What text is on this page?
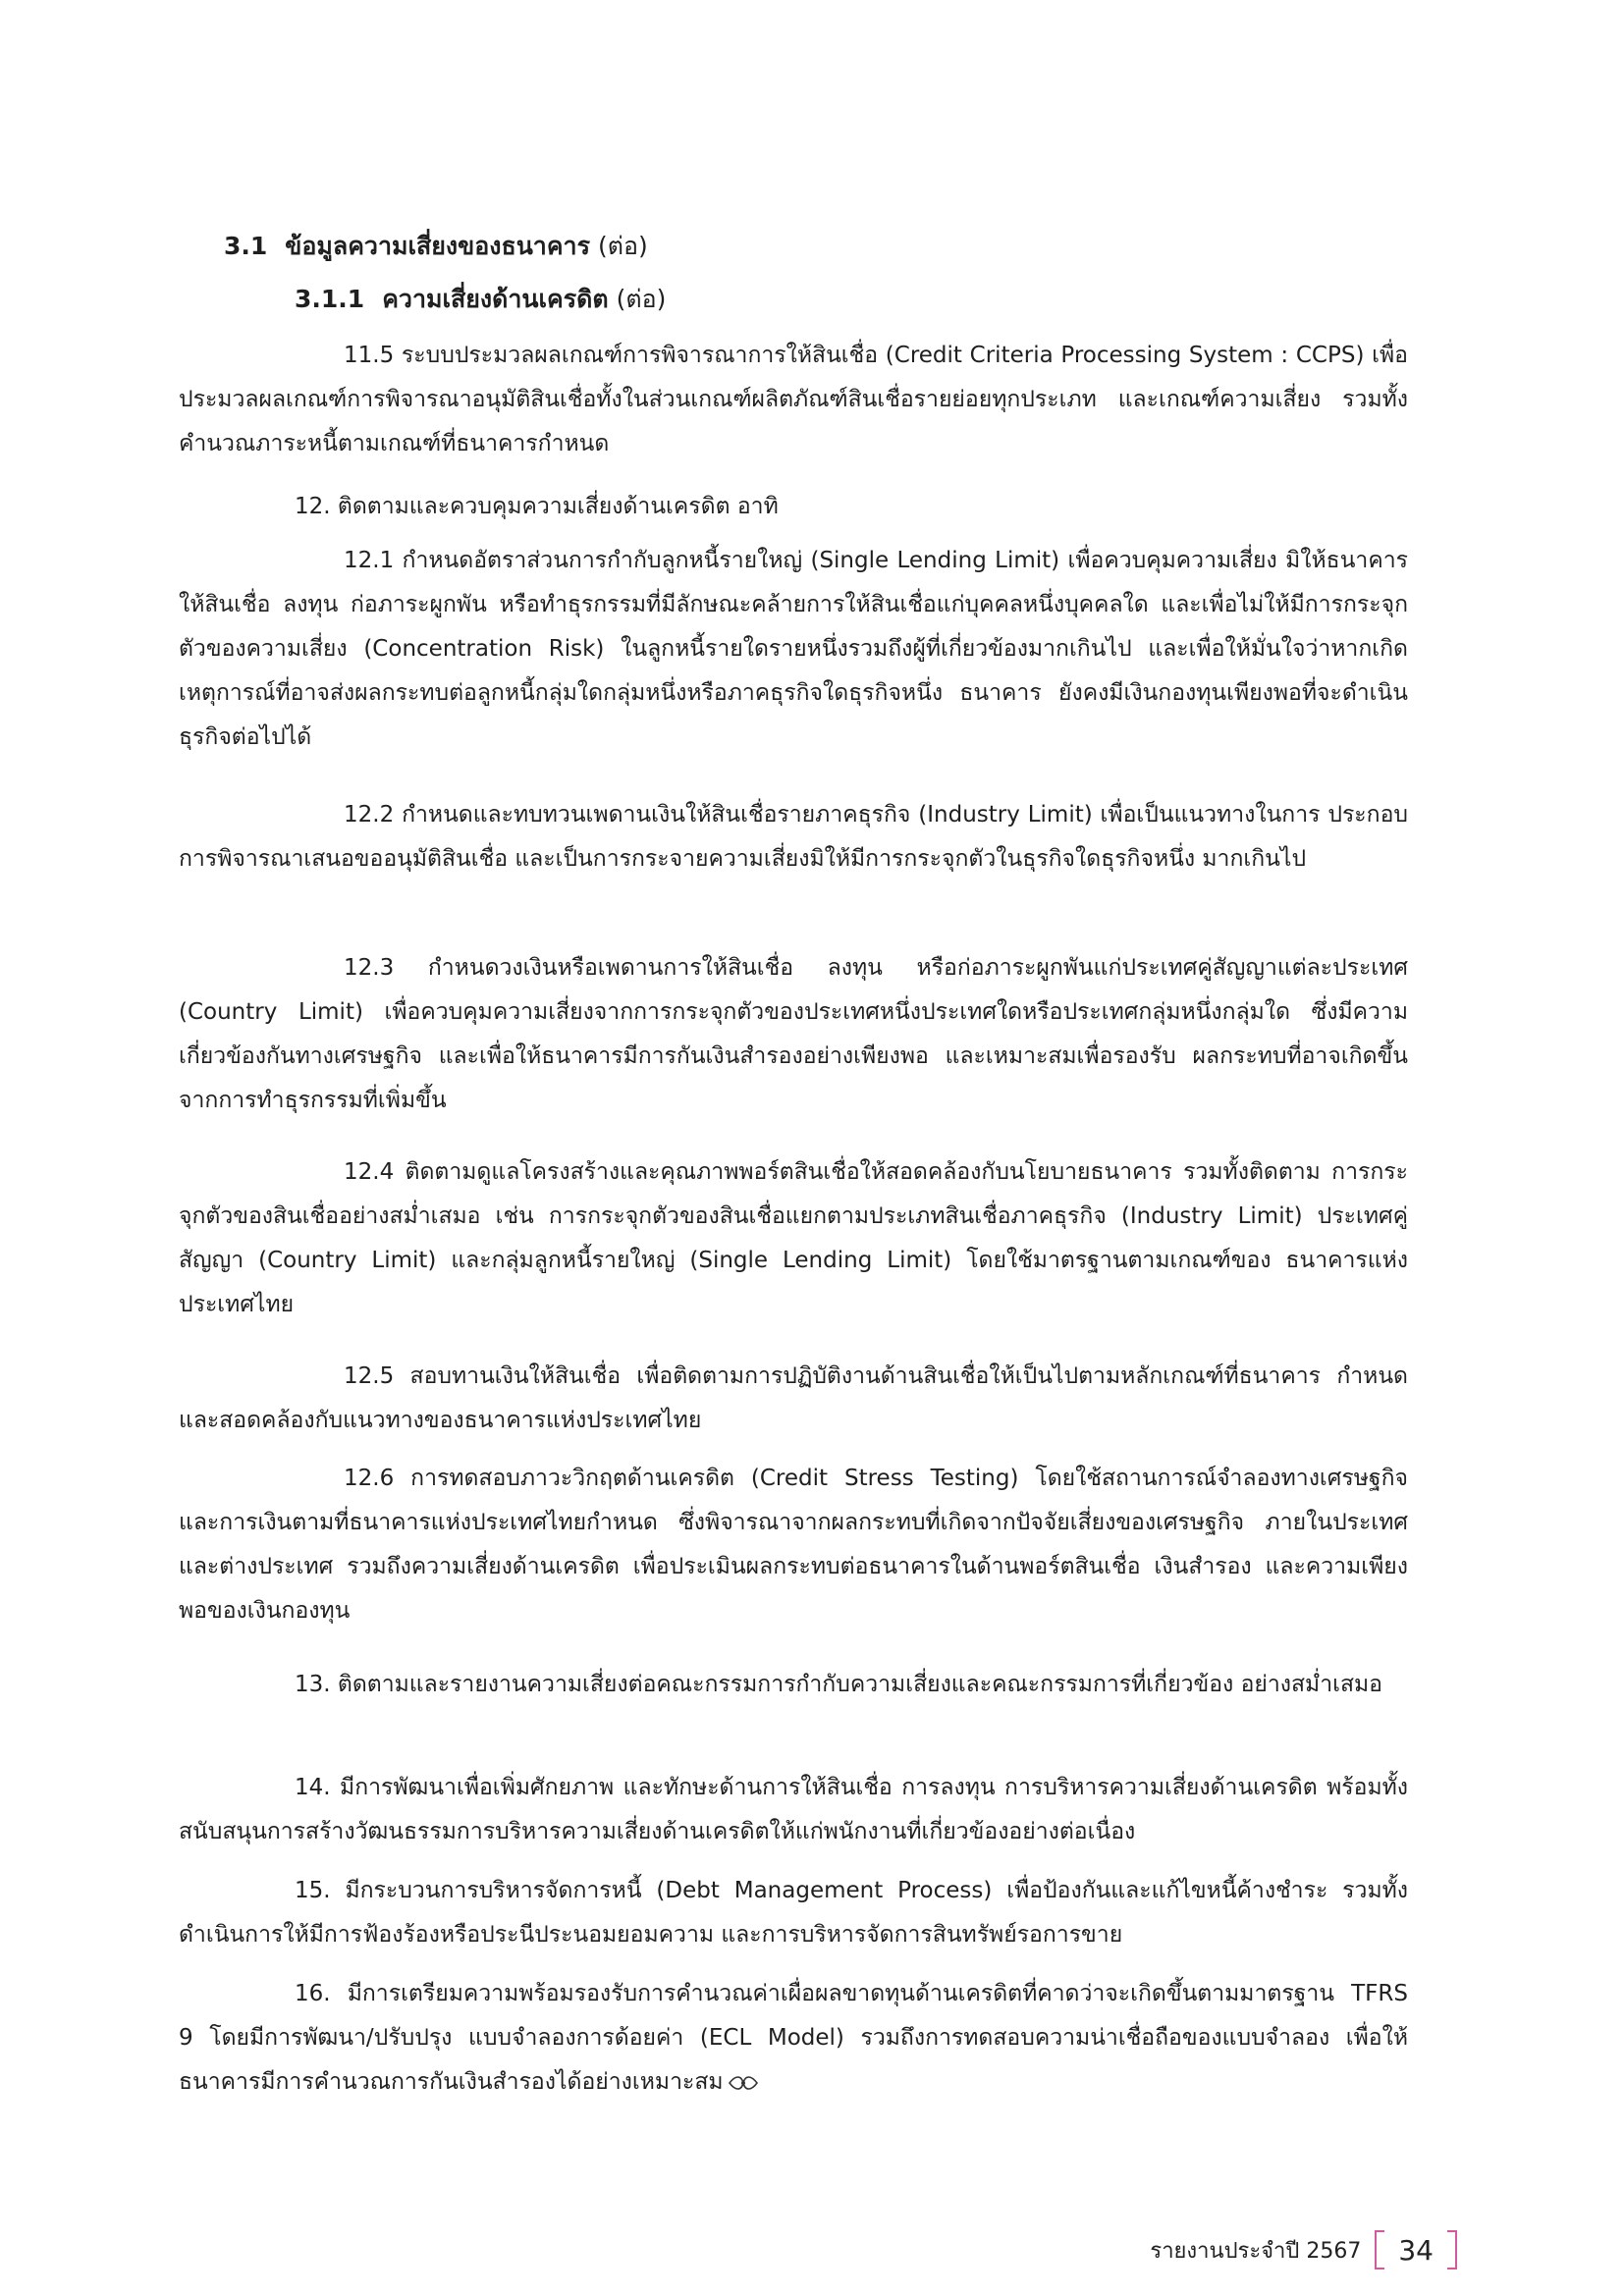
3.1 ข้อมูลความเสี่ยงของธนาคาร (ต่อ)
3.1.1 ความเสี่ยงด้านเครดิต (ต่อ)

11.5 ระบบประมวลผลเกณฑ์การพิจารณาการให้สินเชื่อ (Credit Criteria Processing System : CCPS) เพื่อประมวลผลเกณฑ์การพิจารณาอนุมัติสินเชื่อทั้งในส่วนเกณฑ์ผลิตภัณฑ์สินเชื่อรายย่อยทุกประเภท และเกณฑ์ความเสี่ยง รวมทั้งคำนวณภาระหนี้ตามเกณฑ์ที่ธนาคารกำหนด

12. ติดตามและควบคุมความเสี่ยงด้านเครดิต อาทิ

12.1 กำหนดอัตราส่วนการกำกับลูกหนี้รายใหญ่ (Single Lending Limit) เพื่อควบคุมความเสี่ยง มิให้ธนาคารให้สินเชื่อ ลงทุน ก่อภาระผูกพัน หรือทำธุรกรรมที่มีลักษณะคล้ายการให้สินเชื่อแก่บุคคลหนึ่งบุคคลใด และเพื่อไม่ให้มีการกระจุกตัวของความเสี่ยง (Concentration Risk) ในลูกหนี้รายใดรายหนึ่งรวมถึงผู้ที่เกี่ยวข้องมากเกินไป และเพื่อให้มั่นใจว่าหากเกิดเหตุการณ์ที่อาจส่งผลกระทบต่อลูกหนี้กลุ่มใดกลุ่มหนึ่งหรือภาคธุรกิจใดธุรกิจหนึ่ง ธนาคาร ยังคงมีเงินกองทุนเพียงพอที่จะดำเนินธุรกิจต่อไปได้

12.2 กำหนดและทบทวนเพดานเงินให้สินเชื่อรายภาคธุรกิจ (Industry Limit) เพื่อเป็นแนวทางในการ ประกอบการพิจารณาเสนอขออนุมัติสินเชื่อ และเป็นการกระจายความเสี่ยงมิให้มีการกระจุกตัวในธุรกิจใดธุรกิจหนึ่ง มากเกินไป

12.3 กำหนดวงเงินหรือเพดานการให้สินเชื่อ ลงทุน หรือก่อภาระผูกพันแก่ประเทศคู่สัญญาแต่ละประเทศ (Country Limit) เพื่อควบคุมความเสี่ยงจากการกระจุกตัวของประเทศหนึ่งประเทศใดหรือประเทศกลุ่มหนึ่งกลุ่มใด ซึ่งมีความเกี่ยวข้องกันทางเศรษฐกิจ และเพื่อให้ธนาคารมีการกันเงินสำรองอย่างเพียงพอ และเหมาะสมเพื่อรองรับ ผลกระทบที่อาจเกิดขึ้นจากการทำธุรกรรมที่เพิ่มขึ้น

12.4 ติดตามดูแลโครงสร้างและคุณภาพพอร์ตสินเชื่อให้สอดคล้องกับนโยบายธนาคาร รวมทั้งติดตาม การกระจุกตัวของสินเชื่ออย่างสม่ำเสมอ เช่น การกระจุกตัวของสินเชื่อแยกตามประเภทสินเชื่อภาคธุรกิจ (Industry Limit) ประเทศคู่สัญญา (Country Limit) และกลุ่มลูกหนี้รายใหญ่ (Single Lending Limit) โดยใช้มาตรฐานตามเกณฑ์ของ ธนาคารแห่งประเทศไทย

12.5 สอบทานเงินให้สินเชื่อ เพื่อติดตามการปฏิบัติงานด้านสินเชื่อให้เป็นไปตามหลักเกณฑ์ที่ธนาคาร กำหนด และสอดคล้องกับแนวทางของธนาคารแห่งประเทศไทย

12.6 การทดสอบภาวะวิกฤตด้านเครดิต (Credit Stress Testing) โดยใช้สถานการณ์จำลองทางเศรษฐกิจ และการเงินตามที่ธนาคารแห่งประเทศไทยกำหนด ซึ่งพิจารณาจากผลกระทบที่เกิดจากปัจจัยเสี่ยงของเศรษฐกิจ ภายในประเทศและต่างประเทศ รวมถึงความเสี่ยงด้านเครดิต เพื่อประเมินผลกระทบต่อธนาคารในด้านพอร์ตสินเชื่อ เงินสำรอง และความเพียงพอของเงินกองทุน

13. ติดตามและรายงานความเสี่ยงต่อคณะกรรมการกำกับความเสี่ยงและคณะกรรมการที่เกี่ยวข้อง อย่างสม่ำเสมอ

14. มีการพัฒนาเพื่อเพิ่มศักยภาพ และทักษะด้านการให้สินเชื่อ การลงทุน การบริหารความเสี่ยงด้านเครดิต พร้อมทั้งสนับสนุนการสร้างวัฒนธรรมการบริหารความเสี่ยงด้านเครดิตให้แก่พนักงานที่เกี่ยวข้องอย่างต่อเนื่อง

15. มีกระบวนการบริหารจัดการหนี้ (Debt Management Process) เพื่อป้องกันและแก้ไขหนี้ค้างชำระ รวมทั้งดำเนินการให้มีการฟ้องร้องหรือประนีประนอมยอมความ และการบริหารจัดการสินทรัพย์รอการขาย

16. มีการเตรียมความพร้อมรองรับการคำนวณค่าเผื่อผลขาดทุนด้านเครดิตที่คาดว่าจะเกิดขึ้นตามมาตรฐาน TFRS 9 โดยมีการพัฒนา/ปรับปรุง แบบจำลองการด้อยค่า (ECL Model) รวมถึงการทดสอบความน่าเชื่อถือของแบบจำลอง เพื่อให้ธนาคารมีการคำนวณการกันเงินสำรองได้อย่างเหมาะสม
รายงานประจำปี 2567 34
